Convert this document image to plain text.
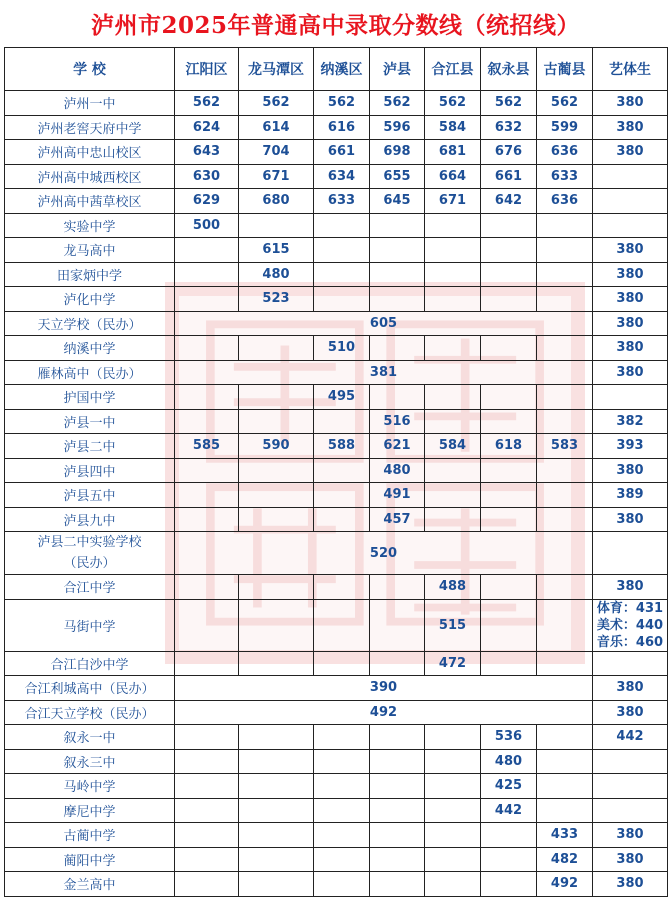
泸州市2025年普通高中录取分数线（统招线）
学 校	江阳区	龙马潭区	纳溪区	泸县	合江县	叙永县	古蔺县	艺体生
泸州一中	562	562	562	562	562	562	562	380
泸州老窖天府中学	624	614	616	596	584	632	599	380
泸州高中忠山校区	643	704	661	698	681	676	636	380
泸州高中城西校区	630	671	634	655	664	661	633	
泸州高中茜草校区	629	680	633	645	671	642	636	
实验中学	500							
龙马高中		615						380
田家炳中学		480						380
泸化中学		523						380
天立学校（民办）	605							380
纳溪中学			510					380
雁林高中（民办）	381							380
护国中学			495					
泸县一中				516				382
泸县二中	585	590	588	621	584	618	583	393
泸县四中				480				380
泸县五中				491				389
泸县九中				457				380

泸县二中实验学校
（民办）	520							
合江中学					488			380
马街中学					515			体育：431
美术：440
音乐：460

合江白沙中学					472			
合江利城高中（民办）	390							380
合江天立学校（民办）	492							380
叙永一中						536		442
叙永三中						480		
马岭中学						425		
摩尼中学						442		
古蔺中学							433	380
蔺阳中学							482	380
金兰高中							492	380
